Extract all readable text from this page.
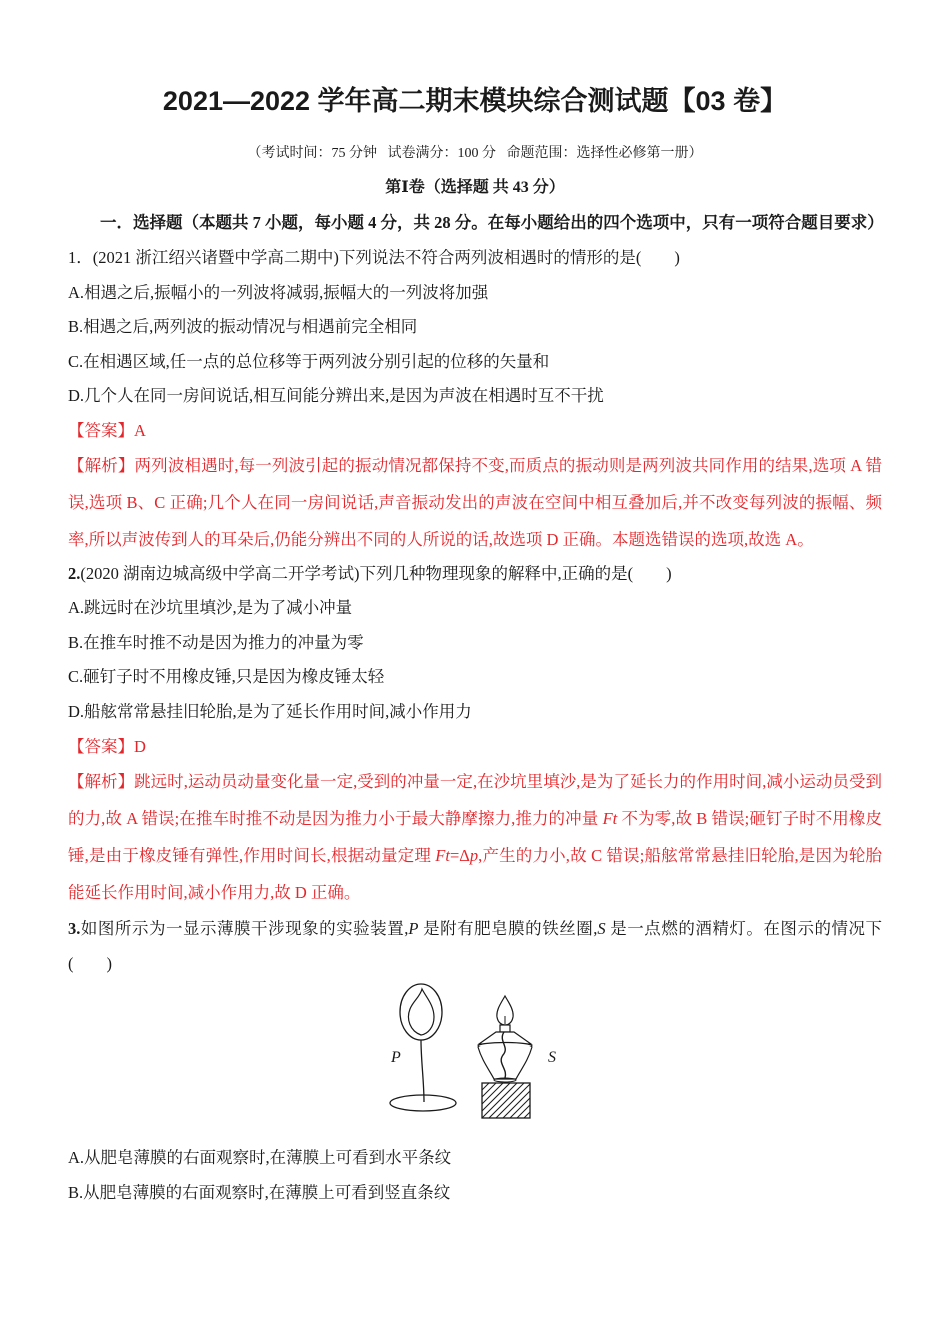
2021—2022 学年高二期末模块综合测试题【03 卷】
（考试时间：75 分钟   试卷满分：100 分   命题范围：选择性必修第一册）
第Ⅰ卷（选择题 共 43 分）
一．选择题（本题共 7 小题，每小题 4 分，共 28 分。在每小题给出的四个选项中，只有一项符合题目要求）

1．(2021 浙江绍兴诸暨中学高二期中)下列说法不符合两列波相遇时的情形的是(　　)

A.相遇之后,振幅小的一列波将减弱,振幅大的一列波将加强

B.相遇之后,两列波的振动情况与相遇前完全相同

C.在相遇区域,任一点的总位移等于两列波分别引起的位移的矢量和

D.几个人在同一房间说话,相互间能分辨出来,是因为声波在相遇时互不干扰

【答案】A

【解析】两列波相遇时,每一列波引起的振动情况都保持不变,而质点的振动则是两列波共同作用的结果,选项 A 错误,选项 B、C 正确;几个人在同一房间说话,声音振动发出的声波在空间中相互叠加后,并不改变每列波的振幅、频率,所以声波传到人的耳朵后,仍能分辨出不同的人所说的话,故选项 D 正确。本题选错误的选项,故选 A。

2.(2020 湖南边城高级中学高二开学考试)下列几种物理现象的解释中,正确的是(　　)

A.跳远时在沙坑里填沙,是为了减小冲量

B.在推车时推不动是因为推力的冲量为零

C.砸钉子时不用橡皮锤,只是因为橡皮锤太轻

D.船舷常常悬挂旧轮胎,是为了延长作用时间,减小作用力

【答案】D

【解析】跳远时,运动员动量变化量一定,受到的冲量一定,在沙坑里填沙,是为了延长力的作用时间,减小运动员受到的力,故 A 错误;在推车时推不动是因为推力小于最大静摩擦力,推力的冲量 Ft 不为零,故 B 错误;砸钉子时不用橡皮锤,是由于橡皮锤有弹性,作用时间长,根据动量定理 Ft=Δp,产生的力小,故 C 错误;船舷常常悬挂旧轮胎,是因为轮胎能延长作用时间,减小作用力,故 D 正确。

3.如图所示为一显示薄膜干涉现象的实验装置,P 是附有肥皂膜的铁丝圈,S 是一点燃的酒精灯。在图示的情况下(　　)

P	S

A.从肥皂薄膜的右面观察时,在薄膜上可看到水平条纹

B.从肥皂薄膜的右面观察时,在薄膜上可看到竖直条纹
